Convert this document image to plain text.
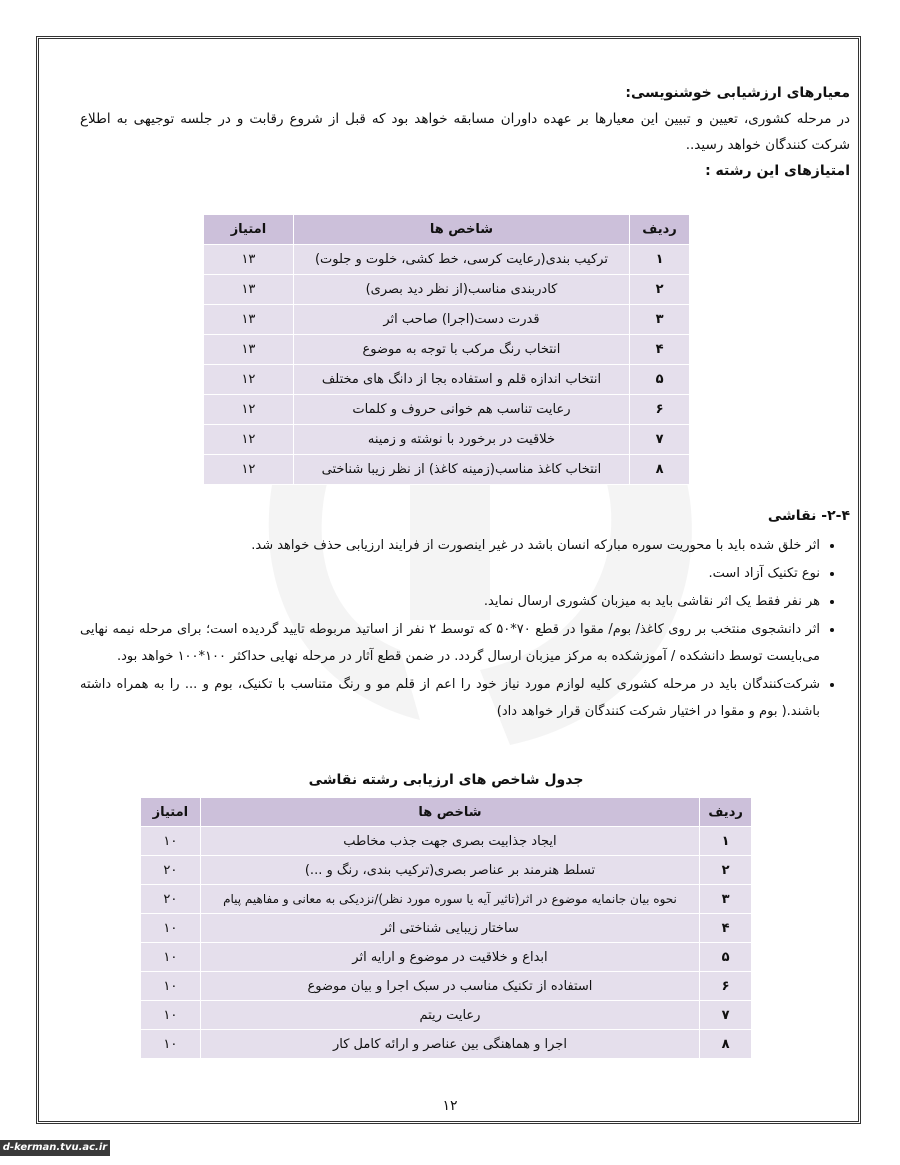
معیارهای ارزشیابی خوشنویسی:
در مرحله کشوری، تعیین و تبیین این معیارها بر عهده داوران مسابقه خواهد بود که قبل از شروع رقابت و در جلسه توجیهی به اطلاع شرکت کنندگان خواهد رسید..
امتیازهای این رشته :
ردیف	شاخص ها	امتیاز
۱	ترکیب بندی(رعایت کرسی، خط کشی، خلوت و جلوت)	۱۳
۲	کادربندی مناسب(از نظر دید بصری)	۱۳
۳	قدرت دست(اجرا) صاحب اثر	۱۳
۴	انتخاب رنگ مرکب با توجه به موضوع	۱۳
۵	انتخاب اندازه قلم و استفاده بجا از دانگ های مختلف	۱۲
۶	رعایت تناسب هم خوانی حروف و کلمات	۱۲
۷	خلاقیت در برخورد با نوشته و زمینه	۱۲
۸	انتخاب کاغذ مناسب(زمینه کاغذ) از نظر زیبا شناختی	۱۲
۲-۴- نقاشی
• اثر خلق شده باید با محوریت سوره مبارکه انسان باشد در غیر اینصورت از فرایند ارزیابی حذف خواهد شد.
• نوع تکنیک آزاد است.
• هر نفر فقط یک اثر نقاشی باید به میزبان کشوری ارسال نماید.
• اثر دانشجوی منتخب بر روی کاغذ/ بوم/ مقوا در قطع ۷۰*۵۰ که توسط ۲ نفر از اساتید مربوطه تایید گردیده است؛ برای مرحله نیمه نهایی می‌بایست توسط دانشکده / آموزشکده به مرکز میزبان ارسال گردد. در ضمن قطع آثار در مرحله نهایی حداکثر ۱۰۰*۱۰۰ خواهد بود.
• شرکت‌کنندگان باید در مرحله کشوری کلیه لوازم مورد نیاز خود را اعم از قلم مو و رنگ متناسب با تکنیک، بوم و ... را به همراه داشته باشند.( بوم و مقوا در اختیار شرکت کنندگان قرار خواهد داد)
جدول شاخص های ارزیابی رشته نقاشی
ردیف	شاخص ها	امتیاز
۱	ایجاد جذابیت بصری جهت جذب مخاطب	۱۰
۲	تسلط هنرمند بر عناصر بصری(ترکیب بندی، رنگ و ...)	۲۰
۳	نحوه بیان جانمایه موضوع در اثر(تاثیر آیه یا سوره مورد نظر)/نزدیکی به معانی و مفاهیم پیام	۲۰
۴	ساختار زیبایی شناختی اثر	۱۰
۵	ابداع و خلاقیت در موضوع و ارایه اثر	۱۰
۶	استفاده از تکنیک مناسب در سبک اجرا و بیان موضوع	۱۰
۷	رعایت ریتم	۱۰
۸	اجرا و هماهنگی بین عناصر و ارائه کامل کار	۱۰
۱۲
d-kerman.tvu.ac.ir
